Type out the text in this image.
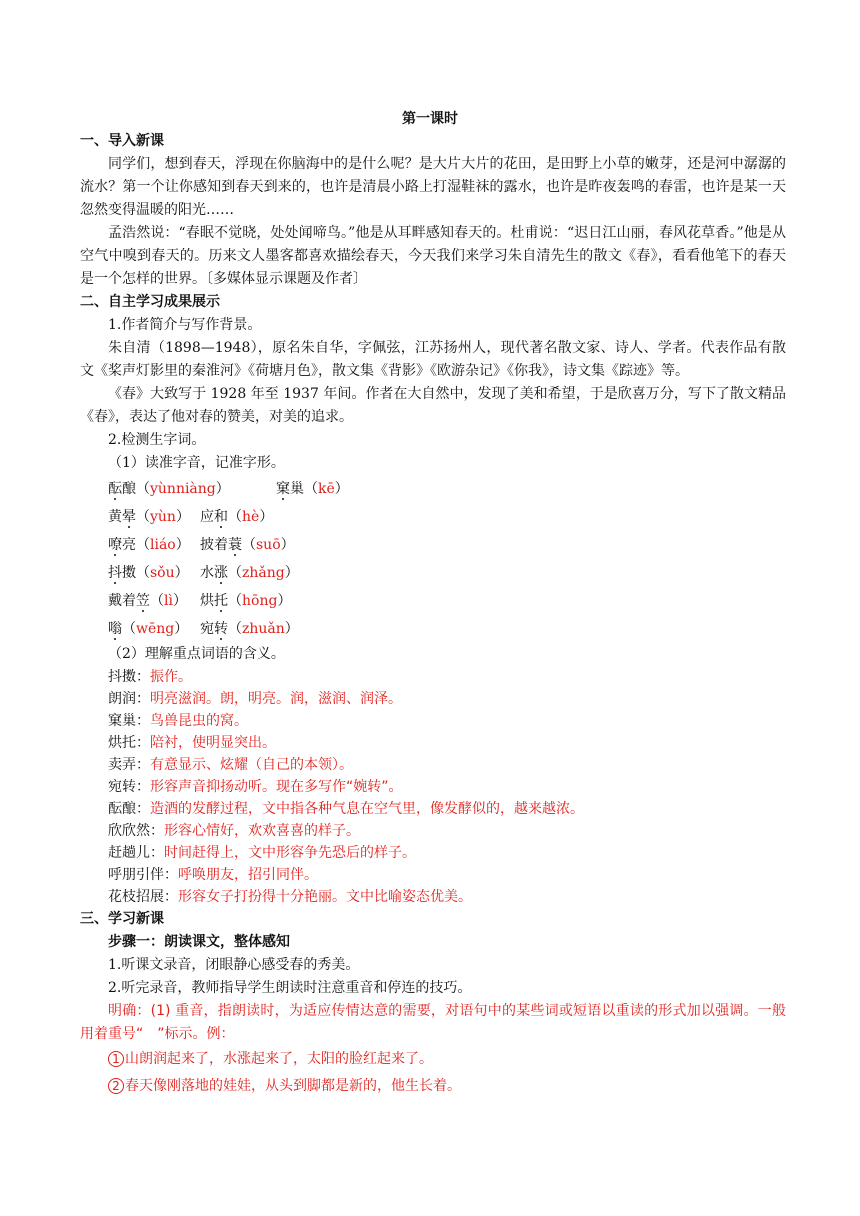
第一课时

一、导入新课

同学们，想到春天，浮现在你脑海中的是什么呢？是大片大片的花田，是田野上小草的嫩芽，还是河中潺潺的流水？第一个让你感知到春天到来的，也许是清晨小路上打湿鞋袜的露水，也许是昨夜轰鸣的春雷，也许是某一天忽然变得温暖的阳光……

孟浩然说：“春眠不觉晓，处处闻啼鸟。”他是从耳畔感知春天的。杜甫说：“迟日江山丽，春风花草香。”他是从空气中嗅到春天的。历来文人墨客都喜欢描绘春天，今天我们来学习朱自清先生的散文《春》，看看他笔下的春天是一个怎样的世界。〔多媒体显示课题及作者〕

二、自主学习成果展示

1.作者简介与写作背景。

朱自清（1898—1948），原名朱自华，字佩弦，江苏扬州人，现代著名散文家、诗人、学者。代表作品有散文《桨声灯影里的秦淮河》《荷塘月色》，散文集《背影》《欧游杂记》《你我》，诗文集《踪迹》等。

《春》大致写于 1928 年至 1937 年间。作者在大自然中，发现了美和希望，于是欣喜万分，写下了散文精品《春》，表达了他对春的赞美，对美的追求。

2.检测生字词。

（1）读准字音，记准字形。

酝酿（yùnniàng）	窠巢（kē）
黄晕（yùn） 应和（hè）
嘹亮（liáo） 披着蓑（suō）
抖擞（sǒu） 水涨（zhǎng）
戴着笠（lì） 烘托（hōng）
嗡（wēng） 宛转（zhuǎn）

（2）理解重点词语的含义。

抖擞：振作。

朗润：明亮滋润。朗，明亮。润，滋润、润泽。

窠巢：鸟兽昆虫的窝。

烘托：陪衬，使明显突出。

卖弄：有意显示、炫耀（自己的本领）。

宛转：形容声音抑扬动听。现在多写作“婉转”。

酝酿：造酒的发酵过程，文中指各种气息在空气里，像发酵似的，越来越浓。

欣欣然：形容心情好，欢欢喜喜的样子。

赶趟儿：时间赶得上，文中形容争先恐后的样子。

呼朋引伴：呼唤朋友，招引同伴。

花枝招展：形容女子打扮得十分艳丽。文中比喻姿态优美。

三、学习新课

步骤一：朗读课文，整体感知

1.听课文录音，闭眼静心感受春的秀美。

2.听完录音，教师指导学生朗读时注意重音和停连的技巧。

明确：(1) 重音，指朗读时，为适应传情达意的需要，对语句中的某些词或短语以重读的形式加以强调。一般用着重号“　”标示。例：

1 山朗润起来了，水涨起来了，太阳的脸红起来了。

2 春天像刚落地的娃娃，从头到脚都是新的，他生长着。
